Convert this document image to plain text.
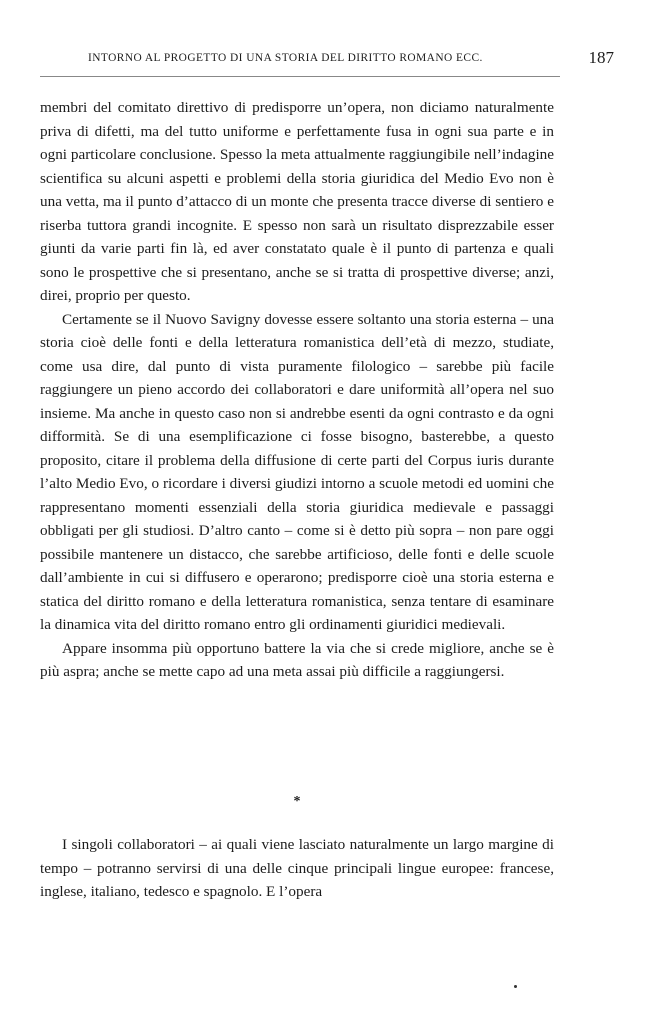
INTORNO AL PROGETTO DI UNA STORIA DEL DIRITTO ROMANO ECC.	187

membri del comitato direttivo di predisporre un’opera, non diciamo naturalmente priva di difetti, ma del tutto uniforme e perfettamente fusa in ogni sua parte e in ogni particolare conclusione. Spesso la meta attualmente raggiungibile nell’indagine scientifica su alcuni aspetti e problemi della storia giuridica del Medio Evo non è una vetta, ma il punto d’attacco di un monte che presenta tracce diverse di sentiero e riserba tuttora grandi incognite. E spesso non sarà un risultato disprezzabile esser giunti da varie parti fin là, ed aver constatato quale è il punto di partenza e quali sono le prospettive che si presentano, anche se si tratta di prospettive diverse; anzi, direi, proprio per questo.

Certamente se il Nuovo Savigny dovesse essere soltanto una storia esterna – una storia cioè delle fonti e della letteratura romanistica dell’età di mezzo, studiate, come usa dire, dal punto di vista puramente filologico – sarebbe più facile raggiungere un pieno accordo dei collaboratori e dare uniformità all’opera nel suo insieme. Ma anche in questo caso non si andrebbe esenti da ogni contrasto e da ogni difformità. Se di una esemplificazione ci fosse bisogno, basterebbe, a questo proposito, citare il problema della diffusione di certe parti del Corpus iuris durante l’alto Medio Evo, o ricordare i diversi giudizi intorno a scuole metodi ed uomini che rappresentano momenti essenziali della storia giuridica medievale e passaggi obbligati per gli studiosi. D’altro canto – come si è detto più sopra – non pare oggi possibile mantenere un distacco, che sarebbe artificioso, delle fonti e delle scuole dall’ambiente in cui si diffusero e operarono; predisporre cioè una storia esterna e statica del diritto romano e della letteratura romanistica, senza tentare di esaminare la dinamica vita del diritto romano entro gli ordinamenti giuridici medievali.

Appare insomma più opportuno battere la via che si crede migliore, anche se è più aspra; anche se mette capo ad una meta assai più difficile a raggiungersi.

*

I singoli collaboratori – ai quali viene lasciato naturalmente un largo margine di tempo – potranno servirsi di una delle cinque principali lingue europee: francese, inglese, italiano, tedesco e spagnolo. E l’opera
